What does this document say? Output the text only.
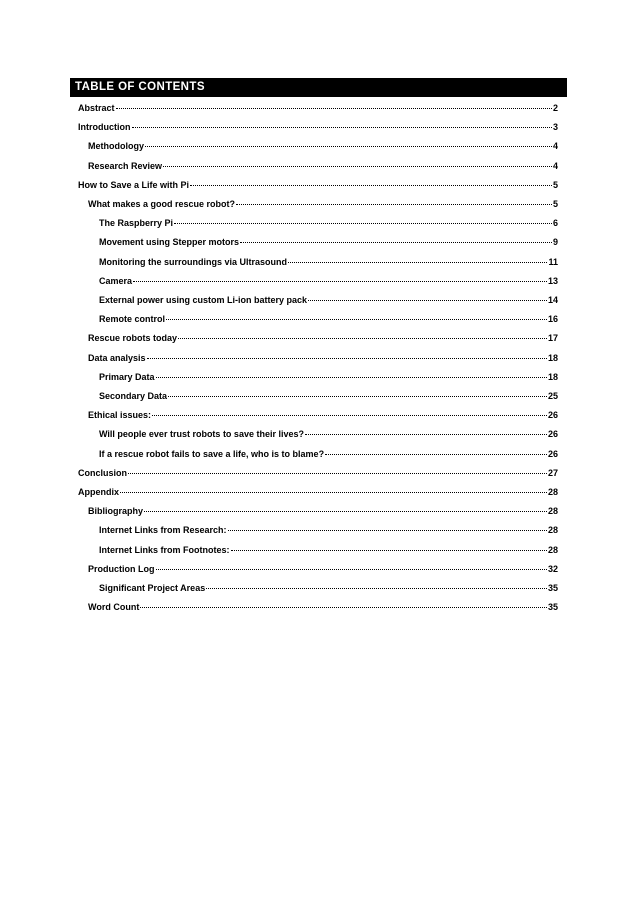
TABLE OF CONTENTS
Abstract	2
Introduction	3
Methodology	4
Research Review	4
How to Save a Life with Pi	5
What makes a good rescue robot?	5
The Raspberry Pi	6
Movement using Stepper motors	9
Monitoring the surroundings via Ultrasound	11
Camera	13
External power using custom Li-ion battery pack	14
Remote control	16
Rescue robots today	17
Data analysis	18
Primary Data	18
Secondary Data	25
Ethical issues:	26
Will people ever trust robots to save their lives?	26
If a rescue robot fails to save a life, who is to blame?	26
Conclusion	27
Appendix	28
Bibliography	28
Internet Links from Research:	28
Internet Links from Footnotes:	28
Production Log	32
Significant Project Areas	35
Word Count	35
